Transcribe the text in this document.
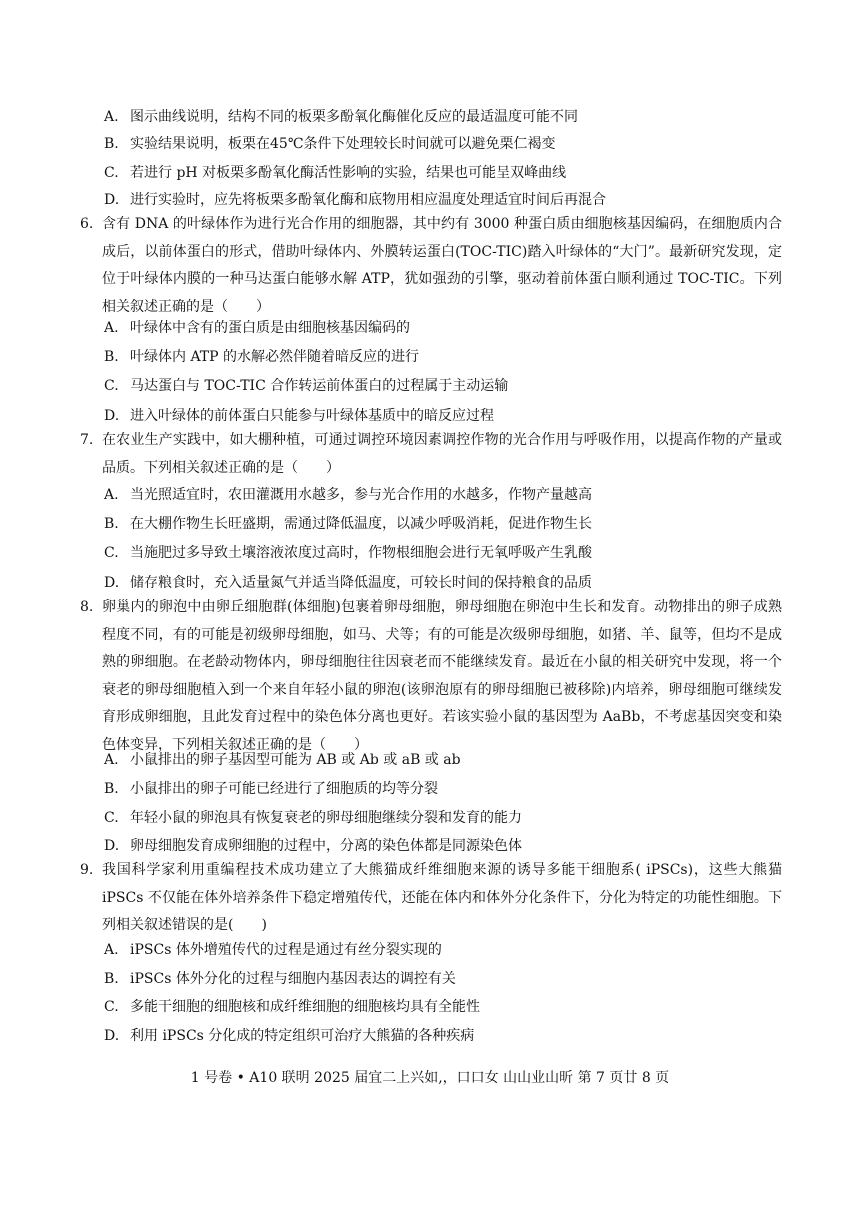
A. 图示曲线说明，结构不同的板栗多酚氧化酶催化反应的最适温度可能不同
B. 实验结果说明，板栗在45℃条件下处理较长时间就可以避免栗仁褐变
C. 若进行 pH 对板栗多酚氧化酶活性影响的实验，结果也可能呈双峰曲线
D. 进行实验时，应先将板栗多酚氧化酶和底物用相应温度处理适宜时间后再混合
6. 含有 DNA 的叶绿体作为进行光合作用的细胞器，其中约有 3000 种蛋白质由细胞核基因编码，在细胞质内合成后，以前体蛋白的形式，借助叶绿体内、外膜转运蛋白(TOC-TIC)踏入叶绿体的“大门”。最新研究发现，定位于叶绿体内膜的一种马达蛋白能够水解 ATP，犹如强劲的引擎，驱动着前体蛋白顺利通过 TOC-TIC。下列相关叙述正确的是（　　）
A. 叶绿体中含有的蛋白质是由细胞核基因编码的
B. 叶绿体内 ATP 的水解必然伴随着暗反应的进行
C. 马达蛋白与 TOC-TIC 合作转运前体蛋白的过程属于主动运输
D. 进入叶绿体的前体蛋白只能参与叶绿体基质中的暗反应过程
7. 在农业生产实践中，如大棚种植，可通过调控环境因素调控作物的光合作用与呼吸作用，以提高作物的产量或品质。下列相关叙述正确的是（　　）
A. 当光照适宜时，农田灌溉用水越多，参与光合作用的水越多，作物产量越高
B. 在大棚作物生长旺盛期，需通过降低温度，以减少呼吸消耗，促进作物生长
C. 当施肥过多导致土壤溶液浓度过高时，作物根细胞会进行无氧呼吸产生乳酸
D. 储存粮食时，充入适量氮气并适当降低温度，可较长时间的保持粮食的品质
8. 卵巢内的卵泡中由卵丘细胞群(体细胞)包裹着卵母细胞，卵母细胞在卵泡中生长和发育。动物排出的卵子成熟程度不同，有的可能是初级卵母细胞，如马、犬等；有的可能是次级卵母细胞，如猪、羊、鼠等，但均不是成熟的卵细胞。在老龄动物体内，卵母细胞往往因衰老而不能继续发育。最近在小鼠的相关研究中发现，将一个衰老的卵母细胞植入到一个来自年轻小鼠的卵泡(该卵泡原有的卵母细胞已被移除)内培养，卵母细胞可继续发育形成卵细胞，且此发育过程中的染色体分离也更好。若该实验小鼠的基因型为 AaBb，不考虑基因突变和染色体变异，下列相关叙述正确的是（　　）
A. 小鼠排出的卵子基因型可能为 AB 或 Ab 或 aB 或 ab
B. 小鼠排出的卵子可能已经进行了细胞质的均等分裂
C. 年轻小鼠的卵泡具有恢复衰老的卵母细胞继续分裂和发育的能力
D. 卵母细胞发育成卵细胞的过程中，分离的染色体都是同源染色体
9. 我国科学家利用重编程技术成功建立了大熊猫成纤维细胞来源的诱导多能干细胞系( iPSCs)，这些大熊猫 iPSCs 不仅能在体外培养条件下稳定增殖传代，还能在体内和体外分化条件下，分化为特定的功能性细胞。下列相关叙述错误的是(　　)
A. iPSCs 体外增殖传代的过程是通过有丝分裂实现的
B. iPSCs 体外分化的过程与细胞内基因表达的调控有关
C. 多能干细胞的细胞核和成纤维细胞的细胞核均具有全能性
D. 利用 iPSCs 分化成的特定组织可治疗大熊猫的各种疾病
1 号卷 • A10 联明 2025 届宜二上兴如,，口口女 山山业山昕 第 7 页廿 8 页
